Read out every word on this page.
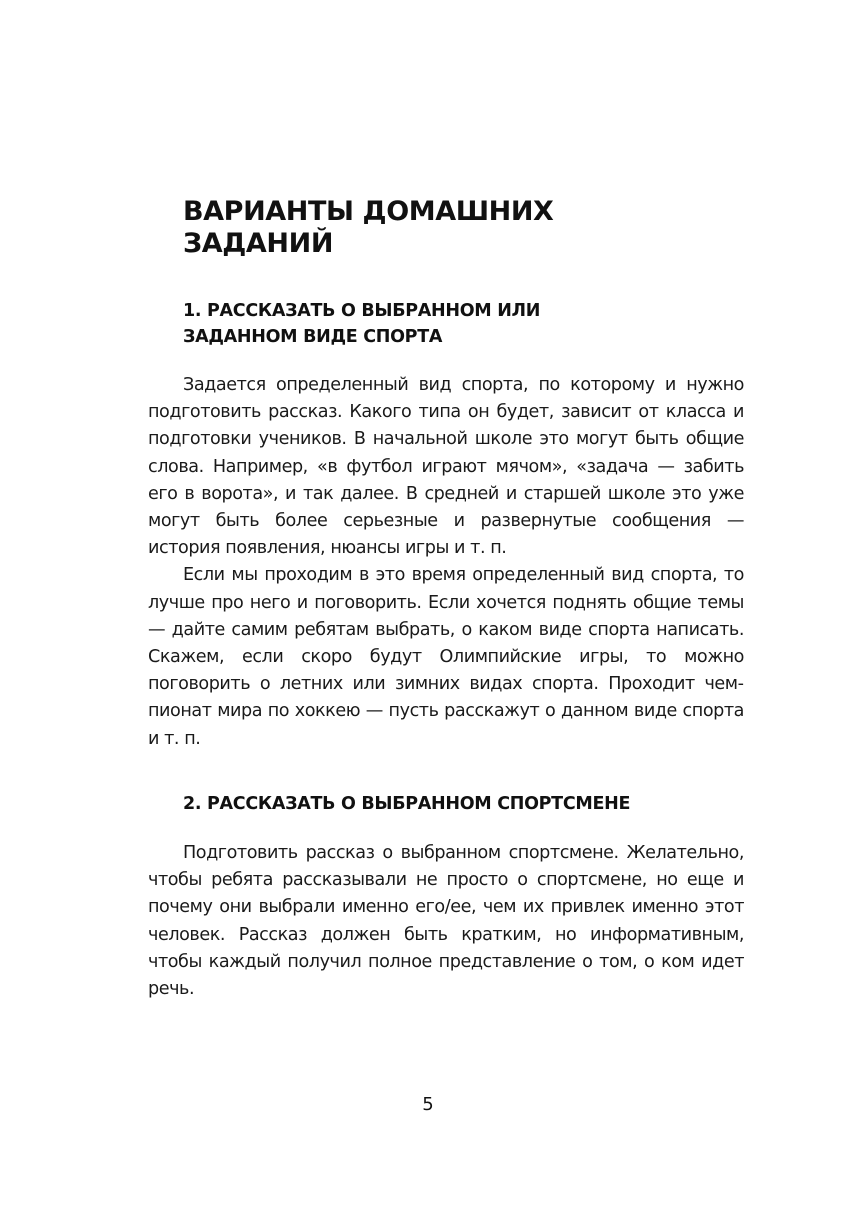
ВАРИАНТЫ ДОМАШНИХ ЗАДАНИЙ
1. РАССКАЗАТЬ О ВЫБРАННОМ ИЛИ ЗАДАННОМ ВИДЕ СПОРТА

Задается определенный вид спорта, по которому и нужно подготовить рассказ. Какого типа он будет, зависит от класса и подготовки учеников. В начальной школе это могут быть общие слова. Например, «в футбол играют мячом», «задача — забить его в ворота», и так далее. В средней и старшей школе это уже могут быть более серьезные и развернутые сообщения — история появления, нюансы игры и т. п.

Если мы проходим в это время определенный вид спорта, то лучше про него и поговорить. Если хочется поднять общие темы — дайте самим ребятам выбрать, о каком виде спорта написать. Скажем, если скоро будут Олимпийские игры, то можно поговорить о летних или зимних видах спорта. Проходит чемпионат мира по хоккею — пусть расскажут о данном виде спорта и т. п.

2. РАССКАЗАТЬ О ВЫБРАННОМ СПОРТСМЕНЕ

Подготовить рассказ о выбранном спортсмене. Желательно, чтобы ребята рассказывали не просто о спортсмене, но еще и почему они выбрали именно его/ее, чем их привлек именно этот человек. Рассказ должен быть кратким, но информативным, чтобы каждый получил полное представление о том, о ком идет речь.

5
